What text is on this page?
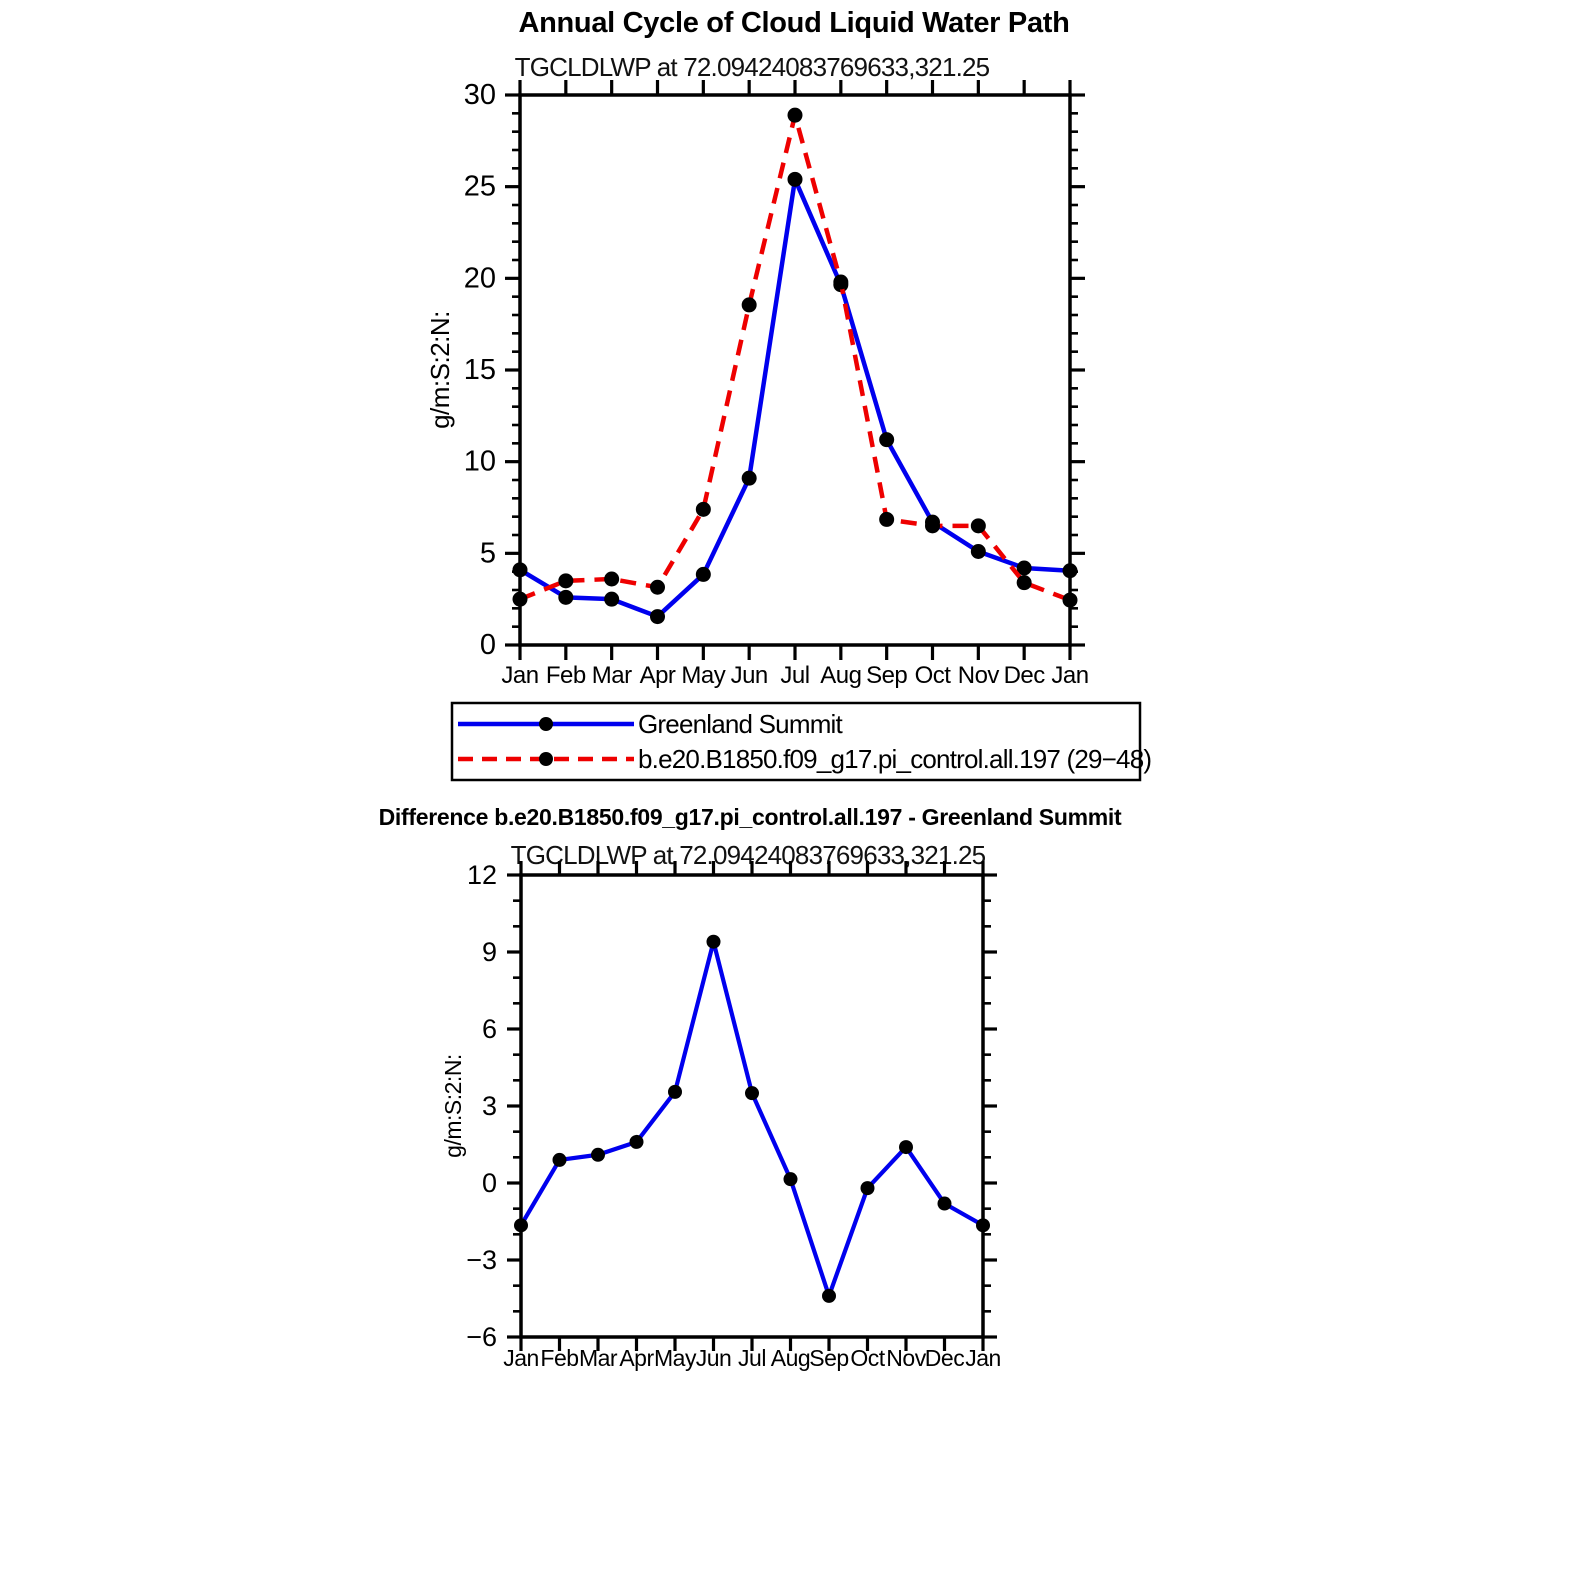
Annual Cycle of Cloud Liquid Water Path
TGCLDLWP at 72.09424083769633,321.25
g/m:S:2:N:
0
5
10
15
20
25
30
Jan Feb Mar Apr May Jun Jul Aug Sep Oct Nov Dec Jan
Greenland Summit
b.e20.B1850.f09_g17.pi_control.all.197 (29−48)
Difference b.e20.B1850.f09_g17.pi_control.all.197 - Greenland Summit
TGCLDLWP at 72.09424083769633,321.25
g/m:S:2:N:
−6
−3
0
3
6
9
12
Jan Feb Mar Apr May Jun Jul Aug Sep Oct Nov Dec Jan
